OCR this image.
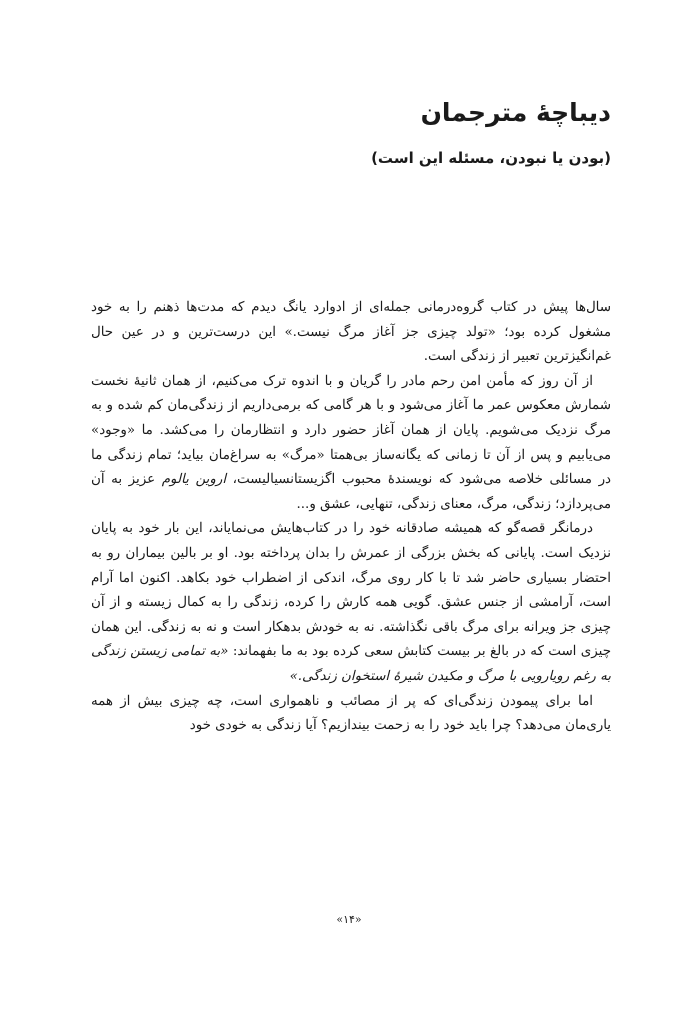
دیباچهٔ مترجمان
(بودن یا نبودن، مسئله این است)

سال‌ها پیش در کتاب گروه‌درمانی جمله‌ای از ادوارد یانگ دیدم که مدت‌ها ذهنم را به خود مشغول کرده بود؛ «تولد چیزی جز آغاز مرگ نیست.» این درست‌ترین و در عین حال غم‌انگیزترین تعبیر از زندگی است.

از آن روز که مأمن امن رحم مادر را گریان و با اندوه ترک می‌کنیم، از همان ثانیهٔ نخست شمارش معکوس عمر ما آغاز می‌شود و با هر گامی که برمی‌داریم از زندگی‌مان کم شده و به مرگ نزدیک می‌شویم. پایان از همان آغاز حضور دارد و انتظارمان را می‌کشد. ما «وجود» می‌یابیم و پس از آن تا زمانی که یگانه‌ساز بی‌همتا «مرگ» به سراغ‌مان بیاید؛ تمام زندگی ما در مسائلی خلاصه می‌شود که نویسندهٔ محبوب اگزیستانسیالیست، اروین یالوم عزیز به آن می‌پردازد؛ زندگی، مرگ، معنای زندگی، تنهایی، عشق و...

درمانگر قصه‌گو که همیشه صادقانه خود را در کتاب‌هایش می‌نمایاند، این بار خود به پایان نزدیک است. پایانی که بخش بزرگی از عمرش را بدان پرداخته بود. او بر بالین بیماران رو به احتضار بسیاری حاضر شد تا با کار روی مرگ، اندکی از اضطراب خود بکاهد. اکنون اما آرام است، آرامشی از جنس عشق. گویی همه کارش را کرده، زندگی را به کمال زیسته و از آن چیزی جز ویرانه برای مرگ باقی نگذاشته. نه به خودش بدهکار است و نه به زندگی. این همان چیزی است که در بالغ بر بیست کتابش سعی کرده بود به ما بفهماند: «به تمامی زیستن زندگی به رغم رویارویی با مرگ و مکیدن شیرهٔ استخوان زندگی.»

اما برای پیمودن زندگی‌ای که پر از مصائب و ناهمواری است، چه چیزی بیش از همه یاری‌مان می‌دهد؟ چرا باید خود را به زحمت بیندازیم؟ آیا زندگی به خودی خود

«۱۴»
